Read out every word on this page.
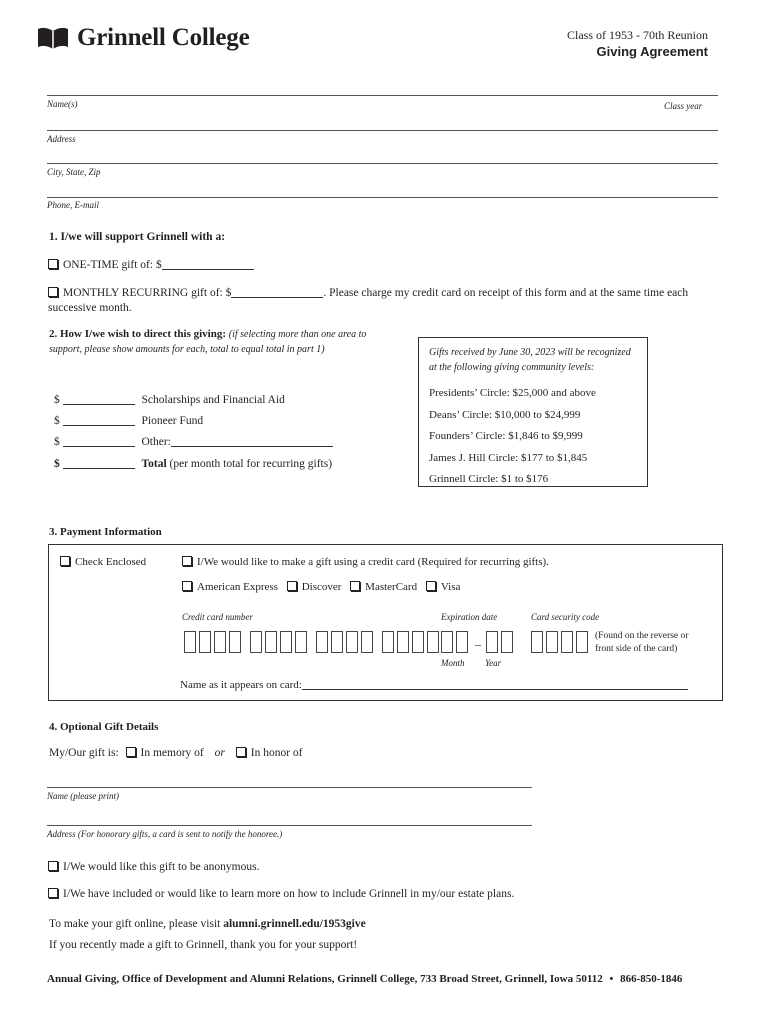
Grinnell College	Class of 1953 - 70th Reunion
Giving Agreement
Name(s)	Class year
Address
City, State, Zip
Phone, E-mail
1. I/we will support Grinnell with a:
ONE-TIME gift of: $
MONTHLY RECURRING gift of: $	. Please charge my credit card on receipt of this form and at the same time each
successive month.
2. How I/we wish to direct this giving: (if selecting more than one area to
support, please show amounts for each, total to equal total in part 1)
$	Scholarships and Financial Aid
$	Pioneer Fund
$	Other:
$	Total (per month total for recurring gifts)
Gifts received by June 30, 2023 will be recognized
at the following giving community levels:
Presidents’ Circle: $25,000 and above
Deans’ Circle: $10,000 to $24,999
Founders’ Circle: $1,846 to $9,999
James J. Hill Circle: $177 to $1,845
Grinnell Circle: $1 to $176
3. Payment Information
Check Enclosed	I/We would like to make a gift using a credit card (Required for recurring gifts).
American Express Discover MasterCard Visa
Credit card number	Expiration date	Card security code
–
(Found on the reverse or
front side of the card)
Month Year
Name as it appears on card:
4. Optional Gift Details
My/Our gift is: In memory of or In honor of
Name (please print)
Address (For honorary gifts, a card is sent to notify the honoree.)
I/We would like this gift to be anonymous.
I/We have included or would like to learn more on how to include Grinnell in my/our estate plans.
To make your gift online, please visit alumni.grinnell.edu/1953give
If you recently made a gift to Grinnell, thank you for your support!
Annual Giving, Office of Development and Alumni Relations, Grinnell College, 733 Broad Street, Grinnell, Iowa 50112 • 866-850-1846
